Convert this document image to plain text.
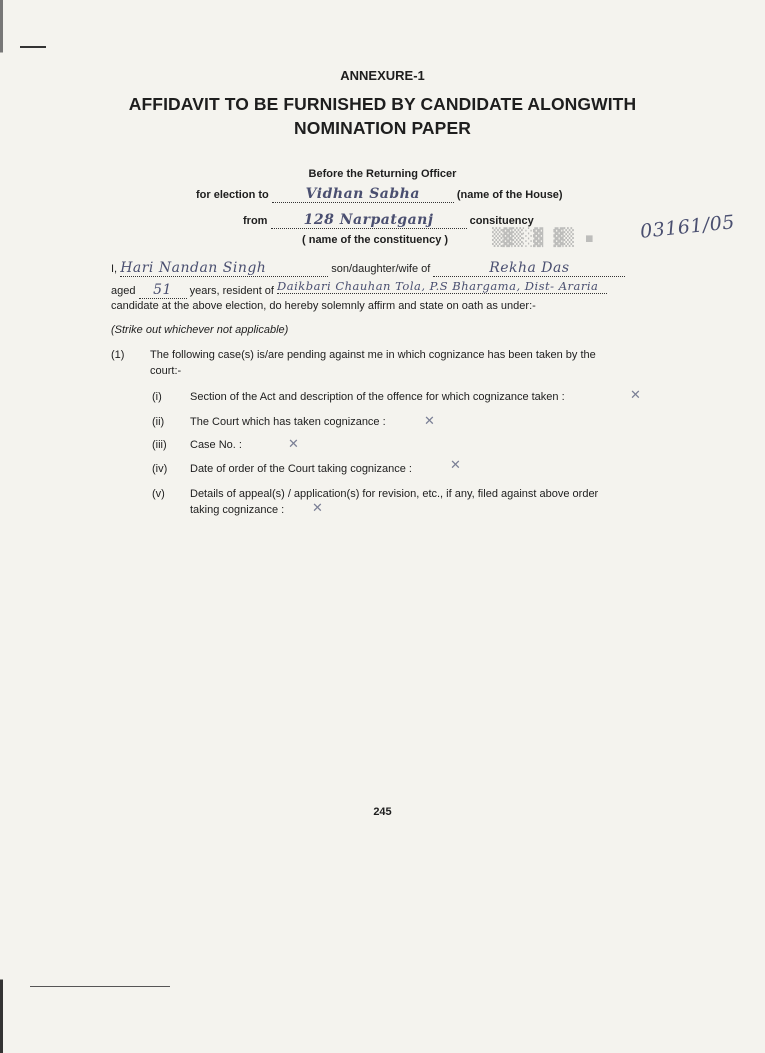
ANNEXURE-1
AFFIDAVIT TO BE FURNISHED BY CANDIDATE ALONGWITH
NOMINATION PAPER
Before the Returning Officer
for election to	Vidhan Sabha	(name of the House)
from	128 Narpatganj	consituency
( name of the constituency )	▒▓▒░▓ ▓▒ ▪ 03161/05
I, Hari Nandan Singh	son/daughter/wife of	Rekha Das
aged 51 years, resident of Daikbari Chauhan Tola, P.S Bhargama, Dist- Araria
candidate at the above election, do hereby solemnly affirm and state on oath as under:-
(Strike out whichever not applicable)
(1) The following case(s) is/are pending against me in which cognizance has been taken by the
court:-
(i)	Section of the Act and description of the offence for which cognizance taken :	✕
(ii) The Court which has taken cognizance :	✕
(iii) Case No. :	✕
(iv) Date of order of the Court taking cognizance :	✕
(v) Details of appeal(s) / application(s) for revision, etc., if any, filed against above order
taking cognizance : ✕
245
